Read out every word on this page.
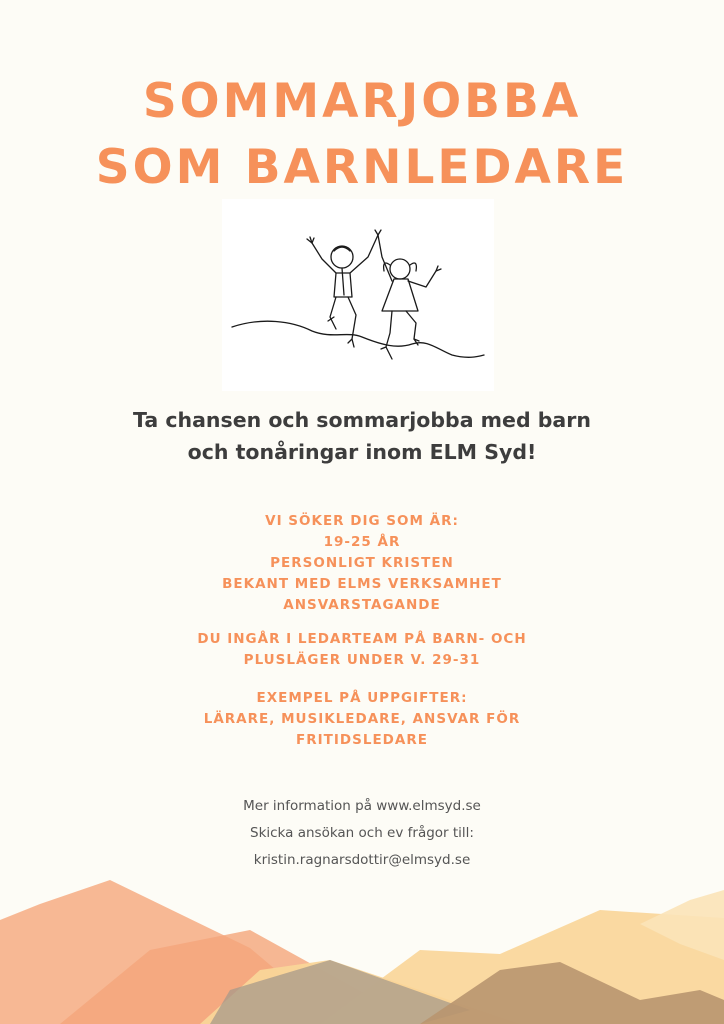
SOMMARJOBBA
SOM BARNLEDARE
Ta chansen och sommarjobba med barn
och tonåringar inom ELM Syd!
VI SÖKER DIG SOM ÄR:
19-25 ÅR
PERSONLIGT KRISTEN
BEKANT MED ELMS VERKSAMHET
ANSVARSTAGANDE
DU INGÅR I LEDARTEAM PÅ BARN- OCH
PLUSLÄGER UNDER V. 29-31
EXEMPEL PÅ UPPGIFTER:
LÄRARE, MUSIKLEDARE, ANSVAR FÖR
FRITIDSLEDARE
Mer information på www.elmsyd.se
Skicka ansökan och ev frågor till:
kristin.ragnarsdottir@elmsyd.se
